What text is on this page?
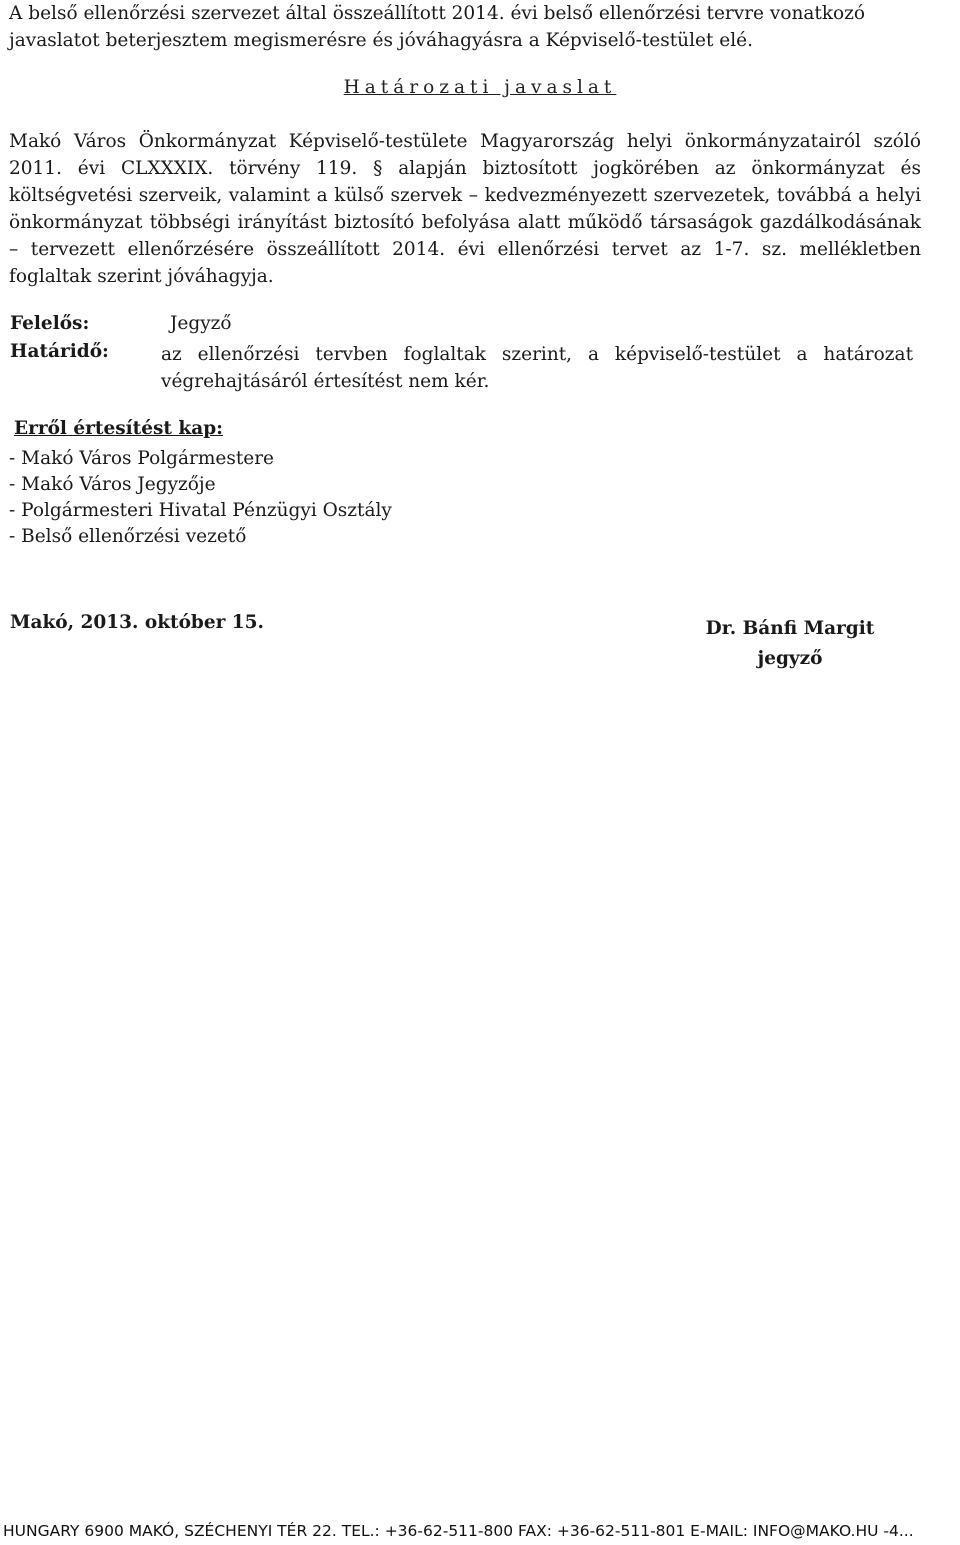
A belső ellenőrzési szervezet által összeállított 2014. évi belső ellenőrzési tervre vonatkozó javaslatot beterjesztem megismerésre és jóváhagyásra a Képviselő-testület elé.
Határozati javaslat
Makó Város Önkormányzat Képviselő-testülete Magyarország helyi önkormányzatairól szóló 2011. évi CLXXXIX. törvény 119. § alapján biztosított jogkörében az önkormányzat és költségvetési szerveik, valamint a külső szervek – kedvezményezett szervezetek, továbbá a helyi önkormányzat többségi irányítást biztosító befolyása alatt működő társaságok gazdálkodásának – tervezett ellenőrzésére összeállított 2014. évi ellenőrzési tervet az 1-7. sz. mellékletben foglaltak szerint jóváhagyja.
Felelős:	Jegyző
Határidő:	az ellenőrzési tervben foglaltak szerint, a képviselő-testület a határozat végrehajtásáról értesítést nem kér.
Erről értesítést kap:
- Makó Város Polgármestere
- Makó Város Jegyzője
- Polgármesteri Hivatal Pénzügyi Osztály
- Belső ellenőrzési vezető
Makó, 2013. október 15.	Dr. Bánfi Margit
jegyző
HUNGARY 6900 MAKÓ, SZÉCHENYI TÉR 22. TEL.: +36-62-511-800 FAX: +36-62-511-801 E-MAIL: INFO@MAKO.HU -4...
